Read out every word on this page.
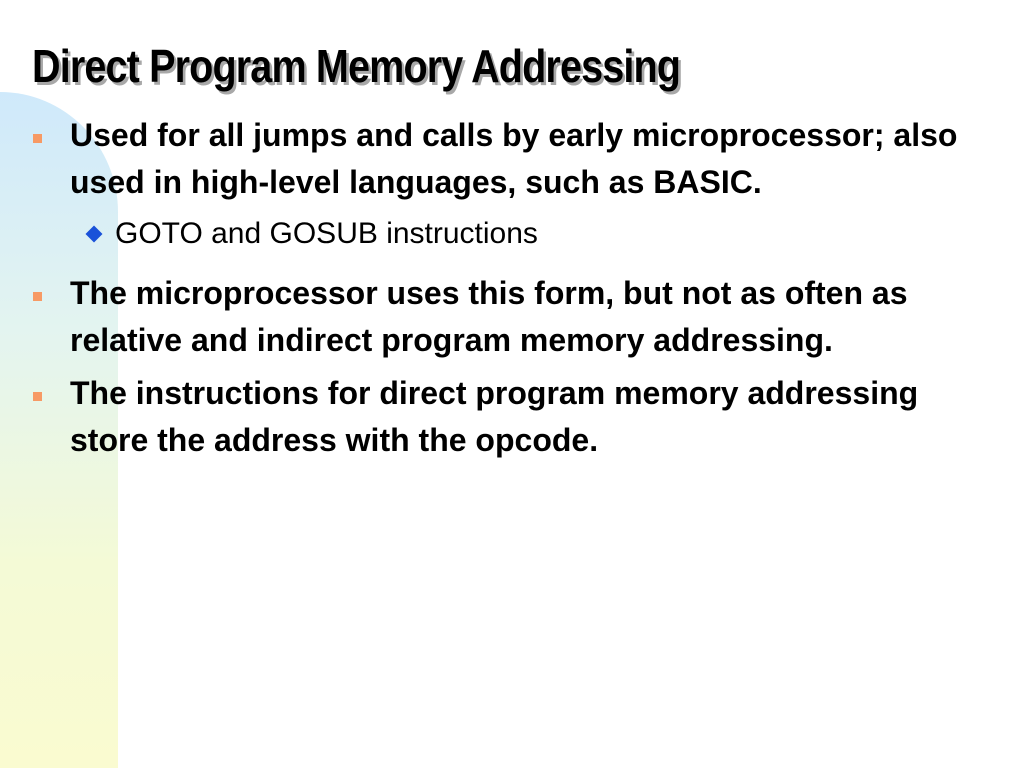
Direct Program Memory Addressing
Used for all jumps and calls by early microprocessor; also used in high-level languages, such as BASIC.
GOTO and GOSUB instructions
The microprocessor uses this form, but not as often as relative and indirect program memory addressing.
The instructions for direct program memory addressing store the address with the opcode.
